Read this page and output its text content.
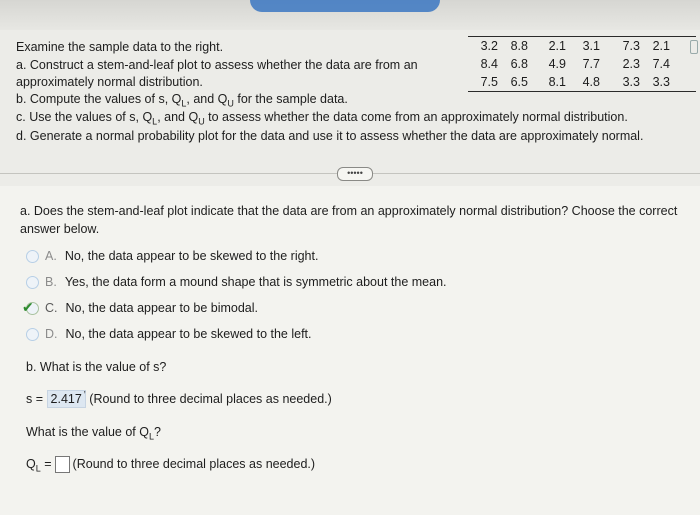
Examine the sample data to the right.
a. Construct a stem-and-leaf plot to assess whether the data are from an
approximately normal distribution.
b. Compute the values of s, $Q_L$, and $Q_U$ for the sample data.
c. Use the values of s, $Q_L$, and $Q_U$ to assess whether the data come from an approximately normal distribution.
d. Generate a normal probability plot for the data and use it to assess whether the data are approximately normal.
3.2	8.8	2.1	3.1	7.3	2.1
8.4	6.8	4.9	7.7	2.3	7.4
7.5	6.5	8.1	4.8	3.3	3.3
•••••
a. Does the stem-and-leaf plot indicate that the data are from an approximately normal distribution? Choose the correct
answer below.
A. No, the data appear to be skewed to the right.
B. Yes, the data form a mound shape that is symmetric about the mean.
✔ C. No, the data appear to be bimodal.
D. No, the data appear to be skewed to the left.
b. What is the value of s?
s = 2.417 $^ʼ$ (Round to three decimal places as needed.)
What is the value of $Q_L$?
$Q_L$ = (Round to three decimal places as needed.)
